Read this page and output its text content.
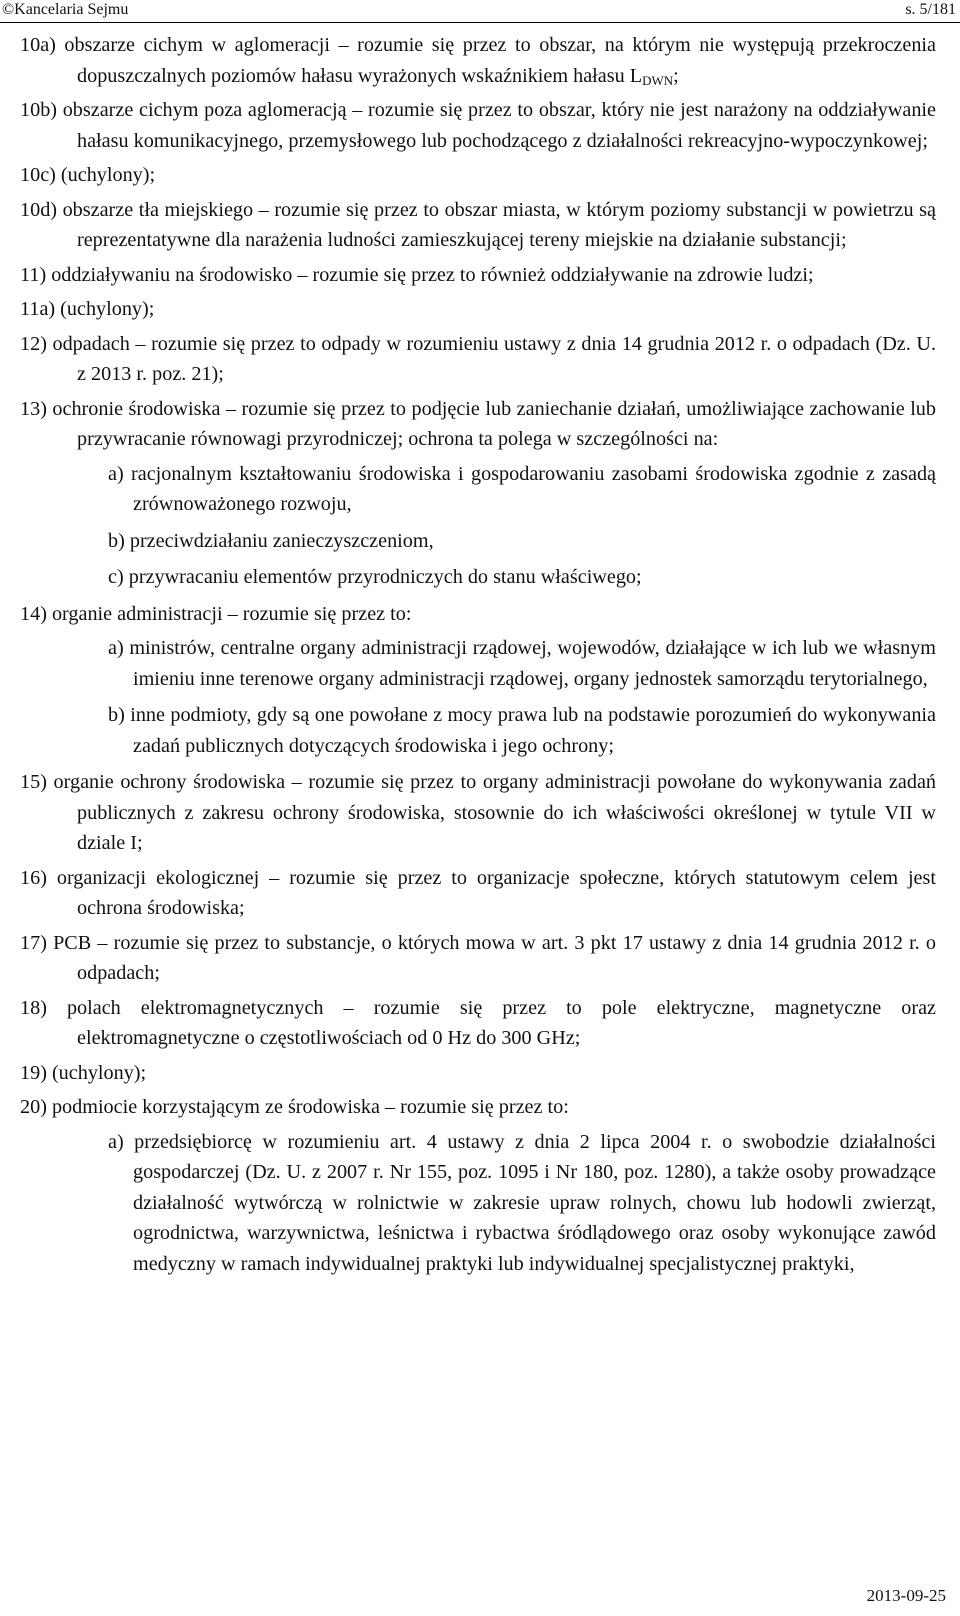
©Kancelaria Sejmu	s. 5/181
10a) obszarze cichym w aglomeracji – rozumie się przez to obszar, na którym nie występują przekroczenia dopuszczalnych poziomów hałasu wyrażonych wskaźnikiem hałasu $L_{DWN}$;
10b) obszarze cichym poza aglomeracją – rozumie się przez to obszar, który nie jest narażony na oddziaływanie hałasu komunikacyjnego, przemysłowego lub pochodzącego z działalności rekreacyjno-wypoczynkowej;
10c) (uchylony);
10d) obszarze tła miejskiego – rozumie się przez to obszar miasta, w którym poziomy substancji w powietrzu są reprezentatywne dla narażenia ludności zamieszkującej tereny miejskie na działanie substancji;
11) oddziaływaniu na środowisko – rozumie się przez to również oddziaływanie na zdrowie ludzi;
11a) (uchylony);
12) odpadach – rozumie się przez to odpady w rozumieniu ustawy z dnia 14 grudnia 2012 r. o odpadach (Dz. U. z 2013 r. poz. 21);
13) ochronie środowiska – rozumie się przez to podjęcie lub zaniechanie działań, umożliwiające zachowanie lub przywracanie równowagi przyrodniczej; ochrona ta polega w szczególności na:
a) racjonalnym kształtowaniu środowiska i gospodarowaniu zasobami środowiska zgodnie z zasadą zrównoważonego rozwoju,
b) przeciwdziałaniu zanieczyszczeniom,
c) przywracaniu elementów przyrodniczych do stanu właściwego;
14) organie administracji – rozumie się przez to:
a) ministrów, centralne organy administracji rządowej, wojewodów, działające w ich lub we własnym imieniu inne terenowe organy administracji rządowej, organy jednostek samorządu terytorialnego,
b) inne podmioty, gdy są one powołane z mocy prawa lub na podstawie porozumień do wykonywania zadań publicznych dotyczących środowiska i jego ochrony;
15) organie ochrony środowiska – rozumie się przez to organy administracji powołane do wykonywania zadań publicznych z zakresu ochrony środowiska, stosownie do ich właściwości określonej w tytule VII w dziale I;
16) organizacji ekologicznej – rozumie się przez to organizacje społeczne, których statutowym celem jest ochrona środowiska;
17) PCB – rozumie się przez to substancje, o których mowa w art. 3 pkt 17 ustawy z dnia 14 grudnia 2012 r. o odpadach;
18) polach elektromagnetycznych – rozumie się przez to pole elektryczne, magnetyczne oraz elektromagnetyczne o częstotliwościach od 0 Hz do 300 GHz;
19) (uchylony);
20) podmiocie korzystającym ze środowiska – rozumie się przez to:
a) przedsiębiorcę w rozumieniu art. 4 ustawy z dnia 2 lipca 2004 r. o swobodzie działalności gospodarczej (Dz. U. z 2007 r. Nr 155, poz. 1095 i Nr 180, poz. 1280), a także osoby prowadzące działalność wytwórczą w rolnictwie w zakresie upraw rolnych, chowu lub hodowli zwierząt, ogrodnictwa, warzywnictwa, leśnictwa i rybactwa śródlądowego oraz osoby wykonujące zawód medyczny w ramach indywidualnej praktyki lub indywidualnej specjalistycznej praktyki,
2013-09-25
